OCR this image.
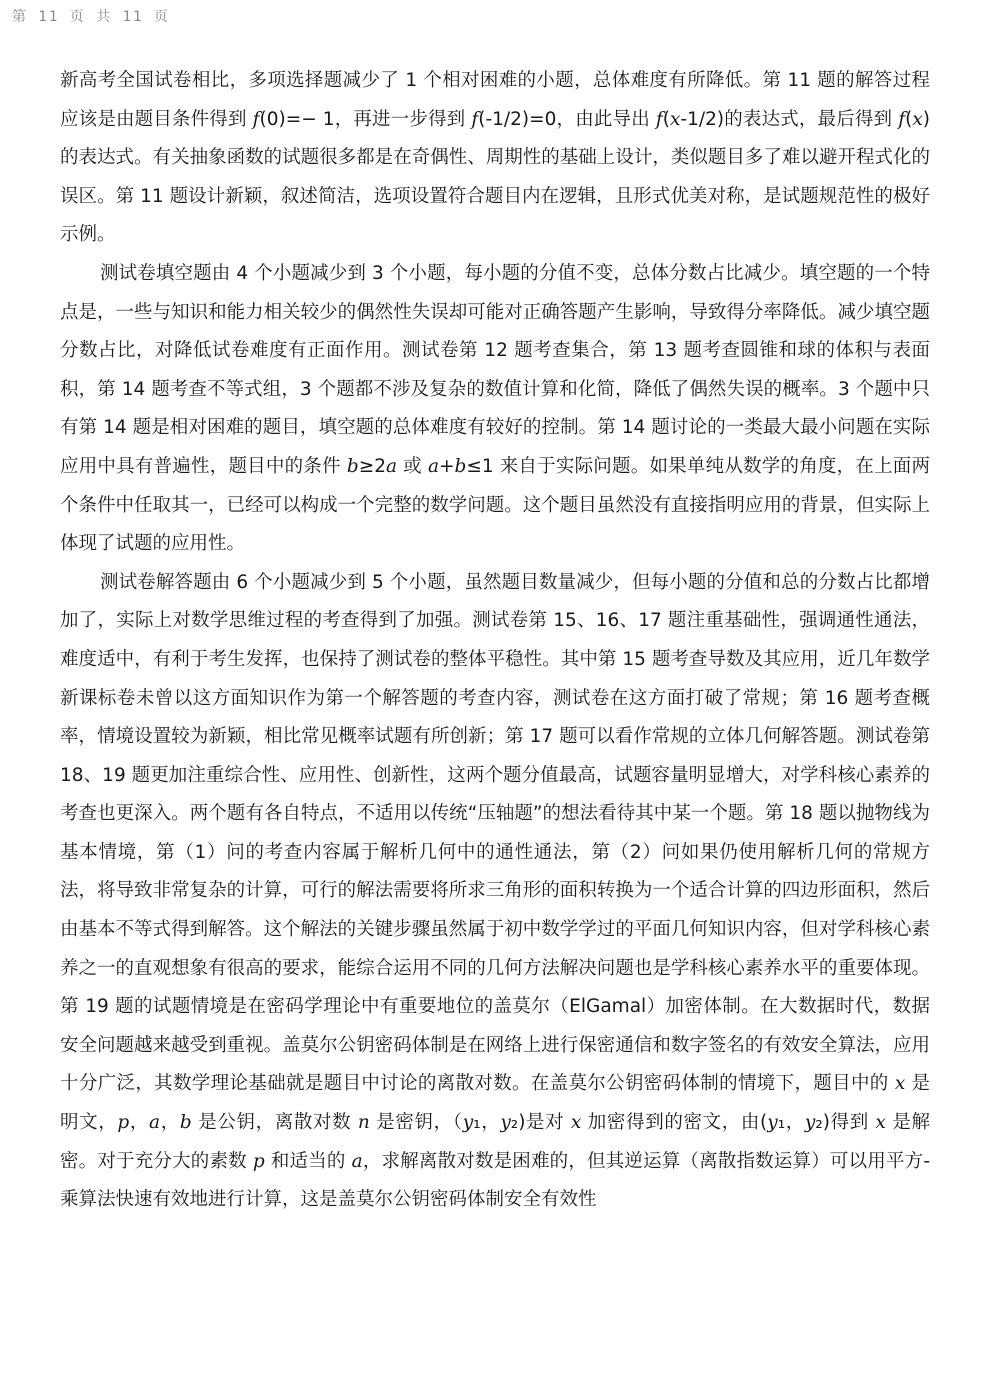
第 11 页 共 11 页

新高考全国试卷相比，多项选择题减少了 1 个相对困难的小题，总体难度有所降低。第 11 题的解答过程应该是由题目条件得到 f(0)=− 1，再进一步得到 f(-1/2)=0，由此导出 f(x-1/2)的表达式，最后得到 f(x)的表达式。有关抽象函数的试题很多都是在奇偶性、周期性的基础上设计，类似题目多了难以避开程式化的误区。第 11 题设计新颖，叙述简洁，选项设置符合题目内在逻辑，且形式优美对称，是试题规范性的极好示例。

测试卷填空题由 4 个小题减少到 3 个小题，每小题的分值不变，总体分数占比减少。填空题的一个特点是，一些与知识和能力相关较少的偶然性失误却可能对正确答题产生影响，导致得分率降低。减少填空题分数占比，对降低试卷难度有正面作用。测试卷第 12 题考查集合，第 13 题考查圆锥和球的体积与表面积，第 14 题考查不等式组，3 个题都不涉及复杂的数值计算和化简，降低了偶然失误的概率。3 个题中只有第 14 题是相对困难的题目，填空题的总体难度有较好的控制。第 14 题讨论的一类最大最小问题在实际应用中具有普遍性，题目中的条件 b≥2a 或 a+b≤1 来自于实际问题。如果单纯从数学的角度，在上面两个条件中任取其一，已经可以构成一个完整的数学问题。这个题目虽然没有直接指明应用的背景，但实际上体现了试题的应用性。

测试卷解答题由 6 个小题减少到 5 个小题，虽然题目数量减少，但每小题的分值和总的分数占比都增加了，实际上对数学思维过程的考查得到了加强。测试卷第 15、16、17 题注重基础性，强调通性通法，难度适中，有利于考生发挥，也保持了测试卷的整体平稳性。其中第 15 题考查导数及其应用，近几年数学新课标卷未曾以这方面知识作为第一个解答题的考查内容，测试卷在这方面打破了常规；第 16 题考查概率，情境设置较为新颖，相比常见概率试题有所创新；第 17 题可以看作常规的立体几何解答题。测试卷第 18、19 题更加注重综合性、应用性、创新性，这两个题分值最高，试题容量明显增大，对学科核心素养的考查也更深入。两个题有各自特点，不适用以传统“压轴题”的想法看待其中某一个题。第 18 题以抛物线为基本情境，第（1）问的考查内容属于解析几何中的通性通法，第（2）问如果仍使用解析几何的常规方法，将导致非常复杂的计算，可行的解法需要将所求三角形的面积转换为一个适合计算的四边形面积，然后由基本不等式得到解答。这个解法的关键步骤虽然属于初中数学学过的平面几何知识内容，但对学科核心素养之一的直观想象有很高的要求，能综合运用不同的几何方法解决问题也是学科核心素养水平的重要体现。第 19 题的试题情境是在密码学理论中有重要地位的盖莫尔（ElGamal）加密体制。在大数据时代，数据安全问题越来越受到重视。盖莫尔公钥密码体制是在网络上进行保密通信和数字签名的有效安全算法，应用十分广泛，其数学理论基础就是题目中讨论的离散对数。在盖莫尔公钥密码体制的情境下，题目中的 x 是明文，p，a，b 是公钥，离散对数 n 是密钥，（y₁，y₂)是对 x 加密得到的密文，由(y₁，y₂)得到 x 是解密。对于充分大的素数 p 和适当的 a，求解离散对数是困难的，但其逆运算（离散指数运算）可以用平方-乘算法快速有效地进行计算，这是盖莫尔公钥密码体制安全有效性
